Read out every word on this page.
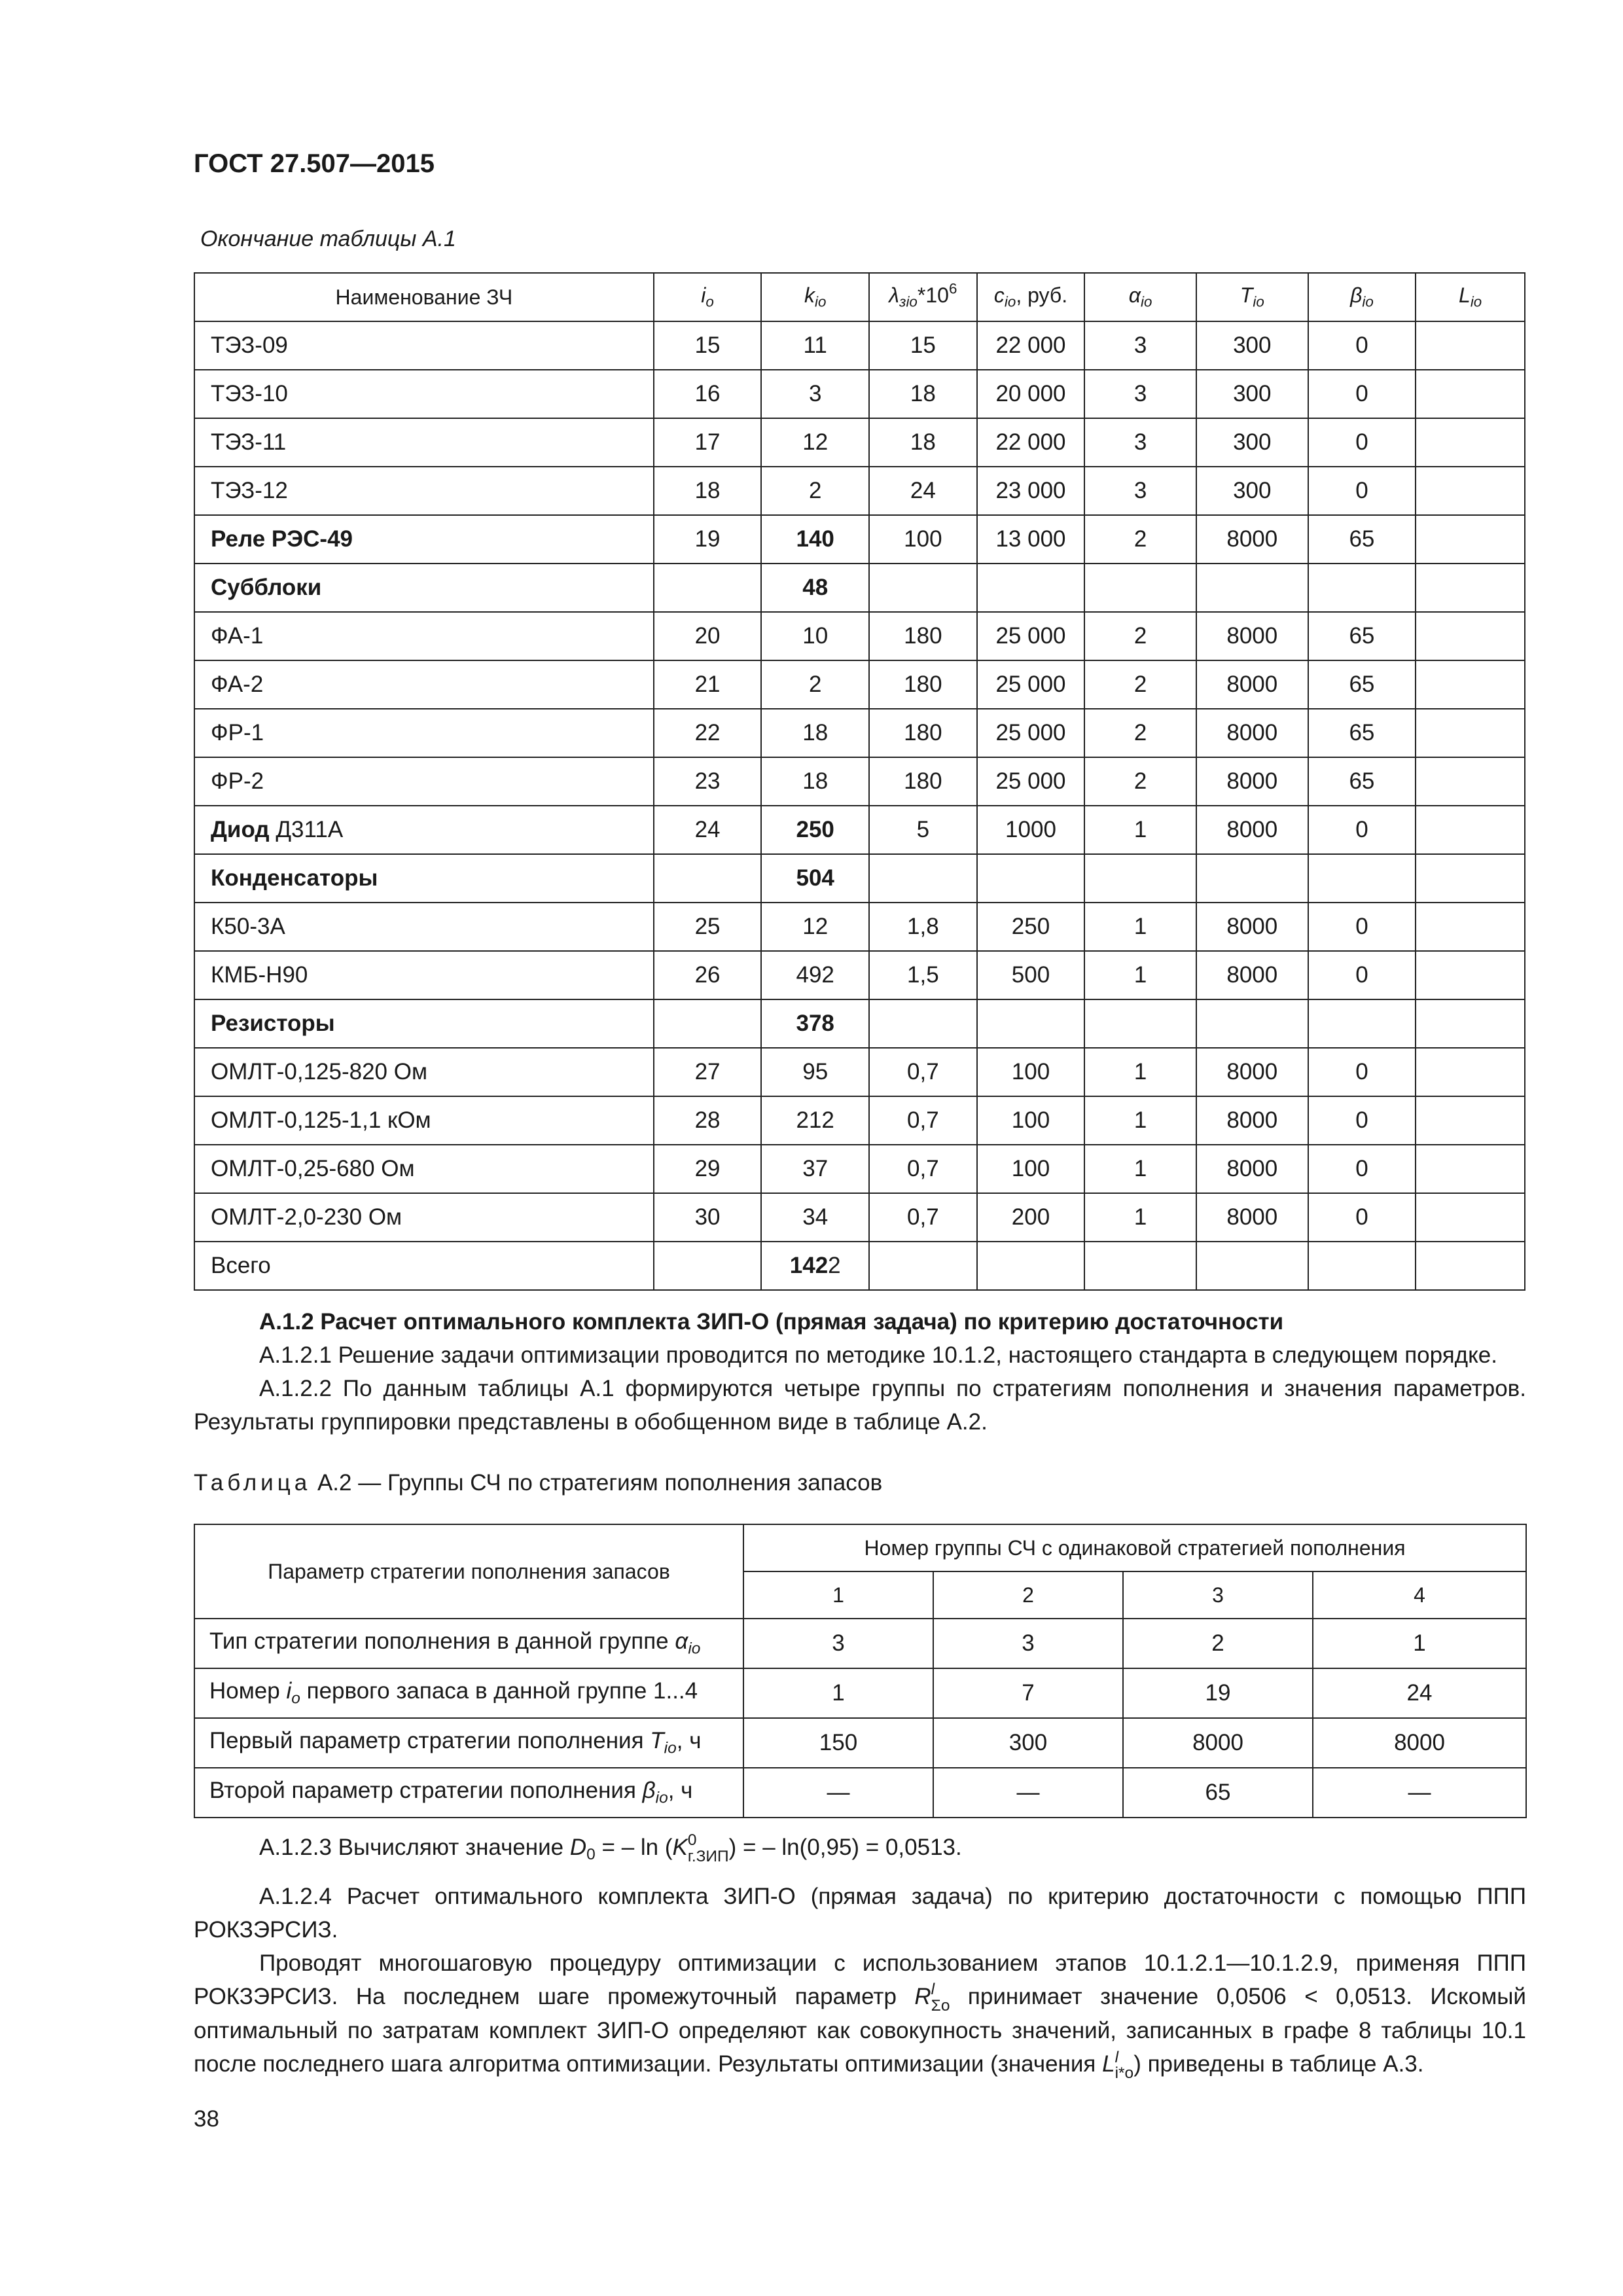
ГОСТ 27.507—2015
Окончание таблицы А.1
Наименование ЗЧ	$i_о$	$k_{iо}$	$\lambda_{зiо}*10^6$	$c_{iо}$, руб.	$\alpha_{iо}$	$T_{iо}$	$\beta_{iо}$	$L_{iо}$
ТЭЗ-09	15	11	15	22 000	3	300	0	
ТЭЗ-10	16	3	18	20 000	3	300	0	
ТЭЗ-11	17	12	18	22 000	3	300	0	
ТЭЗ-12	18	2	24	23 000	3	300	0	
Реле РЭС-49	19	140	100	13 000	2	8000	65	
Субблоки		48						
ФА-1	20	10	180	25 000	2	8000	65	
ФА-2	21	2	180	25 000	2	8000	65	
ФР-1	22	18	180	25 000	2	8000	65	
ФР-2	23	18	180	25 000	2	8000	65	
Диод Д311А	24	250	5	1000	1	8000	0	
Конденсаторы		504						
К50-3А	25	12	1,8	250	1	8000	0	
КМБ-Н90	26	492	1,5	500	1	8000	0	
Резисторы		378						
ОМЛТ-0,125-820 Ом	27	95	0,7	100	1	8000	0	
ОМЛТ-0,125-1,1 кОм	28	212	0,7	100	1	8000	0	
ОМЛТ-0,25-680 Ом	29	37	0,7	100	1	8000	0	
ОМЛТ-2,0-230 Ом	30	34	0,7	200	1	8000	0	
Всего		1422						

А.1.2 Расчет оптимального комплекта ЗИП-О (прямая задача) по критерию достаточности

А.1.2.1 Решение задачи оптимизации проводится по методике 10.1.2, настоящего стандарта в следующем порядке.

А.1.2.2 По данным таблицы А.1 формируются четыре группы по стратегиям пополнения и значения параметров. Результаты группировки представлены в обобщенном виде в таблице А.2.

Таблица А.2 — Группы СЧ по стратегиям пополнения запасов
Параметр стратегии пополнения запасов	Номер группы СЧ с одинаковой стратегией пополнения			
	1	2	3	4
Тип стратегии пополнения в данной группе $\alpha_{iо}$	3	3	2	1
Номер $i_о$ первого запаса в данной группе 1...4	1	7	19	24
Первый параметр стратегии пополнения $T_{iо}$, ч	150	300	8000	8000
Второй параметр стратегии пополнения $\beta_{iо}$, ч	—	—	65	—
А.1.2.3 Вычисляют значение $D_0$ = – ln (K 0
г.ЗИП ) = – ln(0,95) = 0,0513.

А.1.2.4 Расчет оптимального комплекта ЗИП-О (прямая задача) по критерию достаточности с помощью ППП РОКЗЭРСИЗ.

Проводят многошаговую процедуру оптимизации с использованием этапов 10.1.2.1—10.1.2.9, применяя ППП РОКЗЭРСИЗ. На последнем шаге промежуточный параметр R l
Σо принимает значение 0,0506 < 0,0513. Искомый оптимальный по затратам комплект ЗИП-О определяют как совокупность значений, записанных в графе 8 таблицы 10.1 после последнего шага алгоритма оптимизации. Результаты оптимизации (значения L l
i*о ) приведены в таблице А.3.

38
